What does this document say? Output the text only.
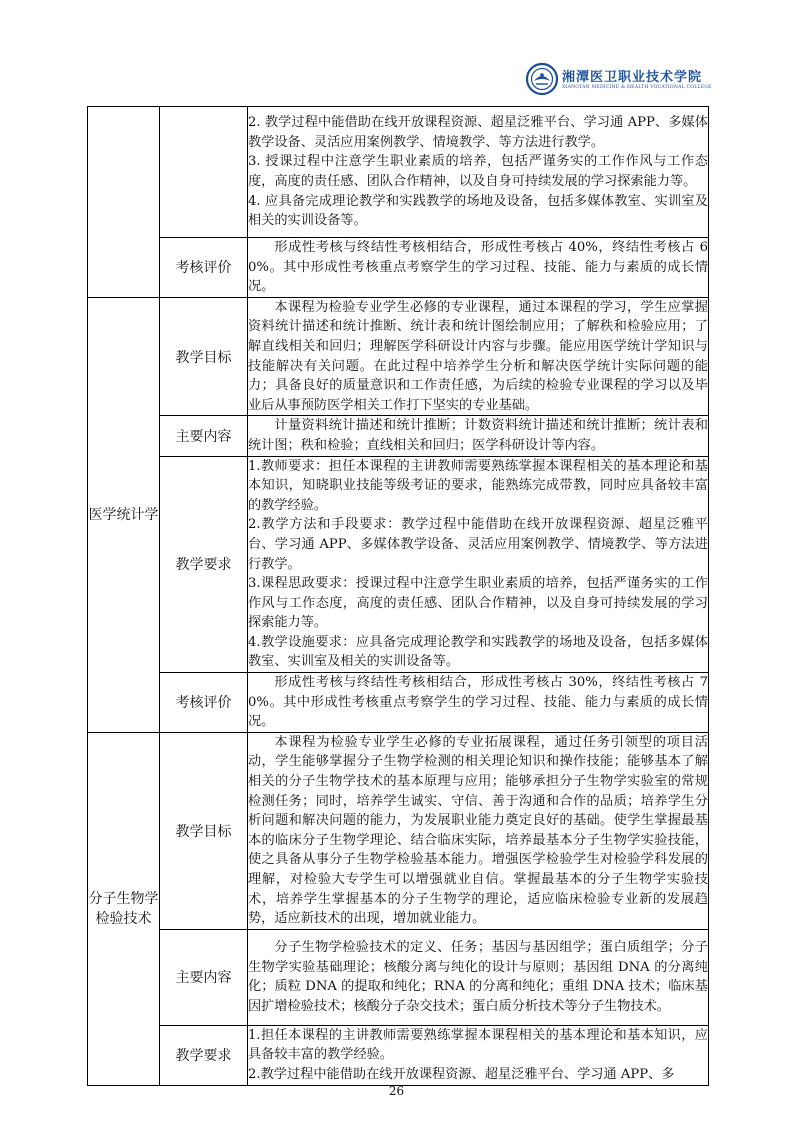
湘潭医卫职业技术学院
XIANGTAN MEDICINE & HEALTH VOCATIONAL COLLEGE

		2. 教学过程中能借助在线开放课程资源、超星泛雅平台、学习通 APP、多媒体教学设备、灵活应用案例教学、情境教学、等方法进行教学。

3. 授课过程中注意学生职业素质的培养，包括严谨务实的工作作风与工作态度，高度的责任感、团队合作精神，以及自身可持续发展的学习探索能力等。

4. 应具备完成理论教学和实践教学的场地及设备，包括多媒体教室、实训室及相关的实训设备等。

	考核评价	形成性考核与终结性考核相结合，形成性考核占 40%，终结性考核占 60%。其中形成性考核重点考察学生的学习过程、技能、能力与素质的成长情况。
医学统计学	教学目标	本课程为检验专业学生必修的专业课程，通过本课程的学习，学生应掌握资料统计描述和统计推断、统计表和统计图绘制应用；了解秩和检验应用；了解直线相关和回归；理解医学科研设计内容与步骤。能应用医学统计学知识与技能解决有关问题。在此过程中培养学生分析和解决医学统计实际问题的能力；具备良好的质量意识和工作责任感，为后续的检验专业课程的学习以及毕业后从事预防医学相关工作打下坚实的专业基础。
	主要内容	计量资料统计描述和统计推断；计数资料统计描述和统计推断；统计表和统计图；秩和检验；直线相关和回归；医学科研设计等内容。
	教学要求	1.教师要求：担任本课程的主讲教师需要熟练掌握本课程相关的基本理论和基本知识，知晓职业技能等级考证的要求，能熟练完成带教，同时应具备较丰富的教学经验。

2.教学方法和手段要求：教学过程中能借助在线开放课程资源、超星泛雅平台、学习通 APP、多媒体教学设备、灵活应用案例教学、情境教学、等方法进行教学。

3.课程思政要求：授课过程中注意学生职业素质的培养，包括严谨务实的工作作风与工作态度，高度的责任感、团队合作精神，以及自身可持续发展的学习探索能力等。

4.教学设施要求：应具备完成理论教学和实践教学的场地及设备，包括多媒体教室、实训室及相关的实训设备等。

	考核评价	形成性考核与终结性考核相结合，形成性考核占 30%，终结性考核占 70%。其中形成性考核重点考察学生的学习过程、技能、能力与素质的成长情况。
分子生物学检验技术	教学目标	本课程为检验专业学生必修的专业拓展课程，通过任务引领型的项目活动，学生能够掌握分子生物学检测的相关理论知识和操作技能；能够基本了解相关的分子生物学技术的基本原理与应用；能够承担分子生物学实验室的常规检测任务；同时，培养学生诚实、守信、善于沟通和合作的品质；培养学生分析问题和解决问题的能力，为发展职业能力奠定良好的基础。使学生掌握最基本的临床分子生物学理论、结合临床实际，培养最基本分子生物学实验技能，使之具备从事分子生物学检验基本能力。增强医学检验学生对检验学科发展的理解，对检验大专学生可以增强就业自信。掌握最基本的分子生物学实验技术，培养学生掌握基本的分子生物学的理论，适应临床检验专业新的发展趋势，适应新技术的出现，增加就业能力。
	主要内容	分子生物学检验技术的定义、任务；基因与基因组学；蛋白质组学；分子生物学实验基础理论；核酸分离与纯化的设计与原则；基因组 DNA 的分离纯化；质粒 DNA 的提取和纯化；RNA 的分离和纯化；重组 DNA 技术；临床基因扩增检验技术；核酸分子杂交技术；蛋白质分析技术等分子生物技术。
	教学要求	1.担任本课程的主讲教师需要熟练掌握本课程相关的基本理论和基本知识，应具备较丰富的教学经验。

2.教学过程中能借助在线开放课程资源、超星泛雅平台、学习通 APP、多

26
